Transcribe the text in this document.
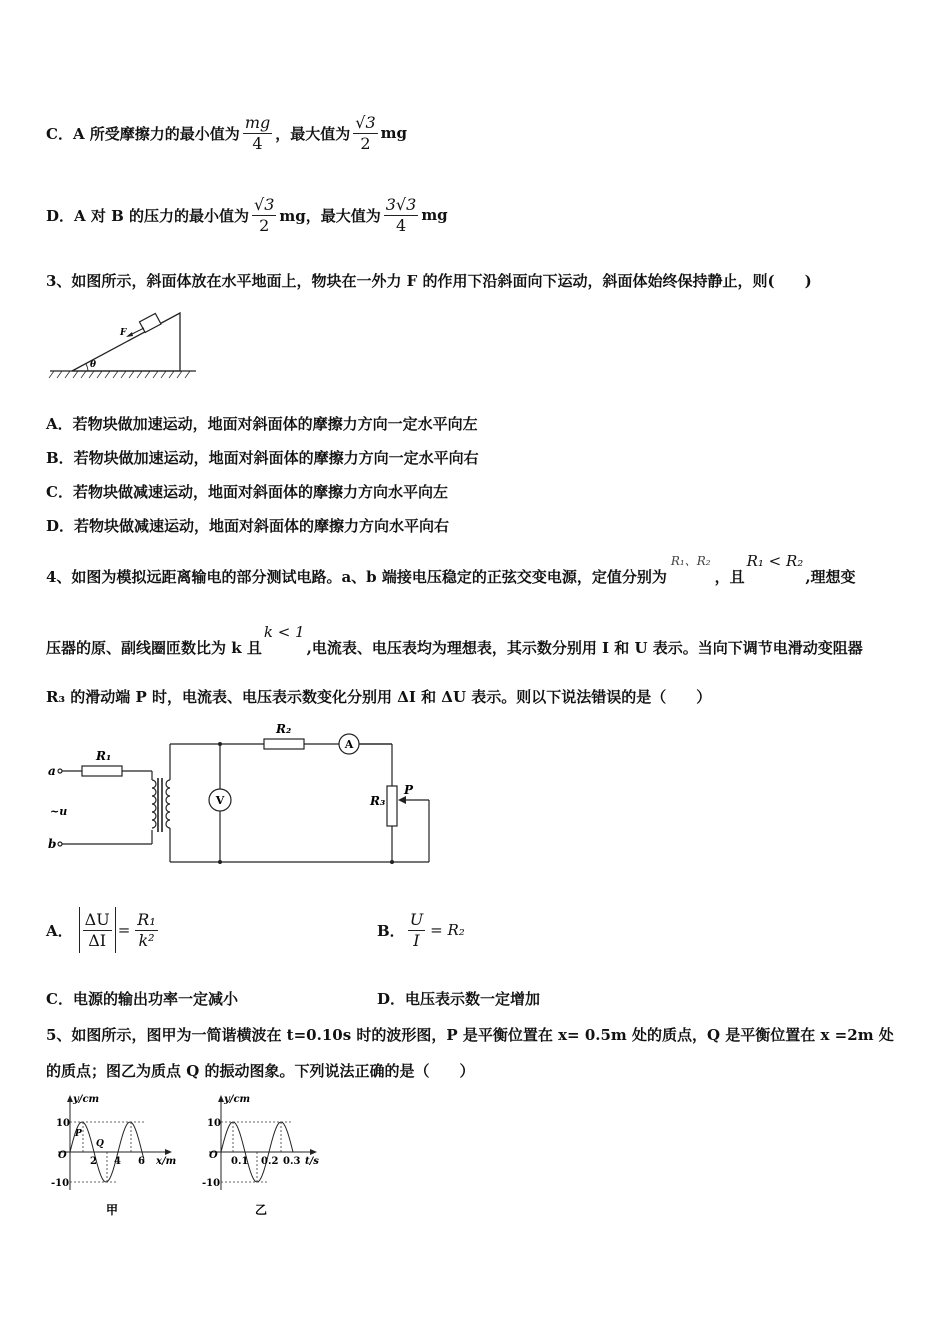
C．A 所受摩擦力的最小值为 $\frac{mg}{4}$ ，最大值为 $\frac{√3}{2}$ mg
D．A 对 B 的压力的最小值为 $\frac{√3}{2}$ mg，最大值为 $\frac{3√3}{4}$ mg
3、如图所示，斜面体放在水平地面上，物块在一外力 F 的作用下沿斜面向下运动，斜面体始终保持静止，则(　　)
θ
F
A．若物块做加速运动，地面对斜面体的摩擦力方向一定水平向左
B．若物块做加速运动，地面对斜面体的摩擦力方向一定水平向右
C．若物块做减速运动，地面对斜面体的摩擦力方向水平向左
D．若物块做减速运动，地面对斜面体的摩擦力方向水平向右
4、如图为模拟远距离输电的部分测试电路。a、b 端接电压稳定的正弦交变电源，定值分别为
R₁、R₂
，且
R₁ < R₂
,理想变
压器的原、副线圈匝数比为 k 且
k < 1
,电流表、电压表均为理想表，其示数分别用 I 和 U 表示。当向下调节电滑动变阻器
R₃ 的滑动端 P 时，电流表、电压表示数变化分别用 ΔI 和 ΔU 表示。则以下说法错误的是（　　）
a
b
~u
R₁
R₂
R₃
P
V
A
A． $\frac{\Delta U}{\Delta I} = \frac{\text{R₁}}{\text{k²}}$	B． $\frac{U}{I} = R_2$
C．电源的输出功率一定减小	D．电压表示数一定增加
5、如图所示，图甲为一简谐横波在 t=0.10s 时的波形图，P 是平衡位置在 x= 0.5m 处的质点，Q 是平衡位置在 x =2m 处
的质点；图乙为质点 Q 的振动图象。下列说法正确的是（　　）
y/cm
x/m
10
-10
O
2 4 6
P
Q
甲
y/cm
t/s
10
-10
O
0.1 0.2 0.3
乙
